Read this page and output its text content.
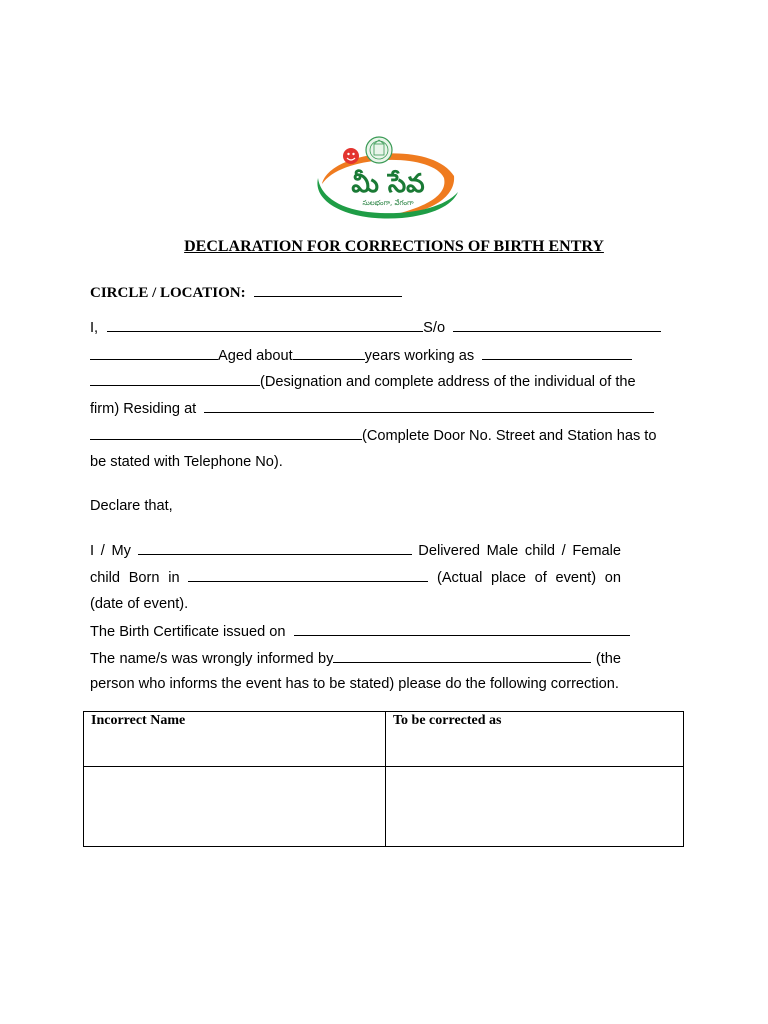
మీ సేవ
సులభంగా, వేగంగా
DECLARATION FOR CORRECTIONS OF BIRTH ENTRY
CIRCLE / LOCATION:
I,	S/o
Aged about	years working as
(Designation and complete address of the individual of the
firm) Residing at
(Complete Door No. Street and Station has to
be stated with Telephone No).
Declare that,
I / My	Delivered Male child / Female
child Born in	(Actual place of event) on
(date of event).
The Birth Certificate issued on
The name/s was wrongly informed by	(the
person who informs the event has to be stated) please do the following correction.
Incorrect Name	To be corrected as
